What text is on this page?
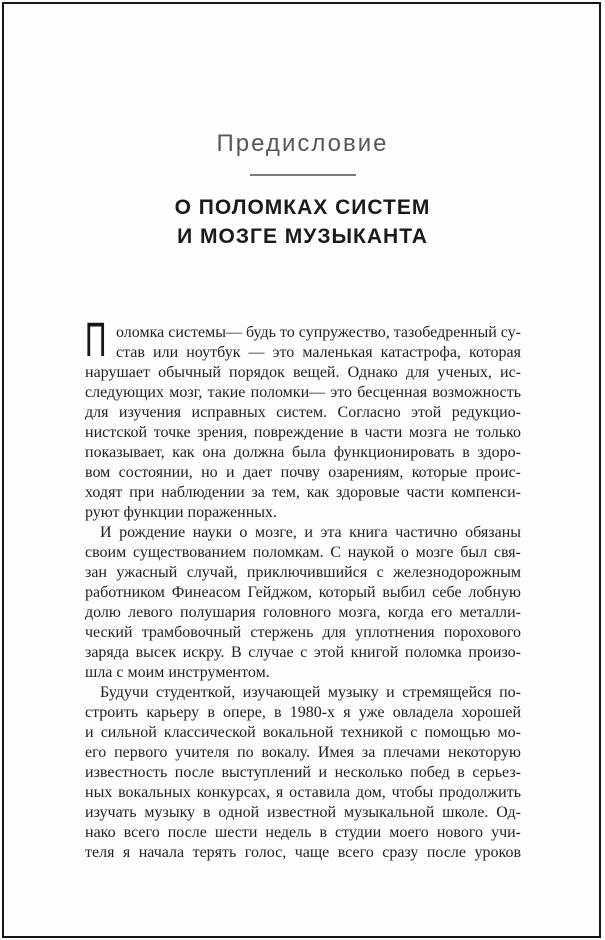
Предисловие
О ПОЛОМКАХ СИСТЕМ
И МОЗГЕ МУЗЫКАНТА
П оломка системы— будь то супружество, тазобедренный су-
став или ноутбук — это маленькая катастрофа, которая
нарушает обычный порядок вещей. Однако для ученых, ис-
следующих мозг, такие поломки— это бесценная возможность
для изучения исправных систем. Согласно этой редукцио-
нистской точке зрения, повреждение в части мозга не только
показывает, как она должна была функционировать в здоро-
вом состоянии, но и дает почву озарениям, которые проис-
ходят при наблюдении за тем, как здоровые части компенси-
руют функции пораженных.
И рождение науки о мозге, и эта книга частично обязаны
своим существованием поломкам. С наукой о мозге был свя-
зан ужасный случай, приключившийся с железнодорожным
работником Финеасом Гейджом, который выбил себе лобную
долю левого полушария головного мозга, когда его металли-
ческий трамбовочный стержень для уплотнения порохового
заряда высек искру. В случае с этой книгой поломка произо-
шла с моим инструментом.
Будучи студенткой, изучающей музыку и стремящейся по-
строить карьеру в опере, в 1980-х я уже овладела хорошей
и сильной классической вокальной техникой с помощью мо-
его первого учителя по вокалу. Имея за плечами некоторую
известность после выступлений и несколько побед в серьез-
ных вокальных конкурсах, я оставила дом, чтобы продолжить
изучать музыку в одной известной музыкальной школе. Од-
нако всего после шести недель в студии моего нового учи-
теля я начала терять голос, чаще всего сразу после уроков
